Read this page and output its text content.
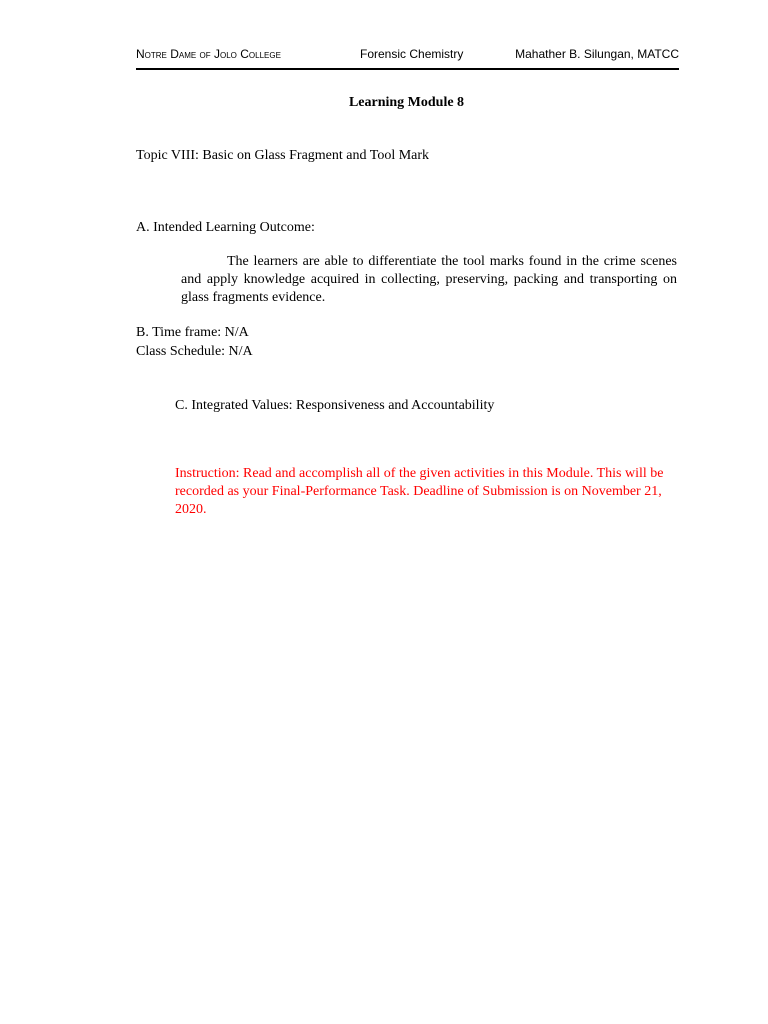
Notre Dame of Jolo College	Forensic Chemistry	Mahather B. Silungan, MATCC
Learning Module 8
Topic VIII: Basic on Glass Fragment and Tool Mark
A. Intended Learning Outcome:
The learners are able to differentiate the tool marks found in the crime scenes and apply knowledge acquired in collecting, preserving, packing and transporting on glass fragments evidence.
B. Time frame: N/A
Class Schedule: N/A
C. Integrated Values: Responsiveness and Accountability
Instruction: Read and accomplish all of the given activities in this Module. This will be recorded as your Final-Performance Task. Deadline of Submission is on November 21, 2020.
